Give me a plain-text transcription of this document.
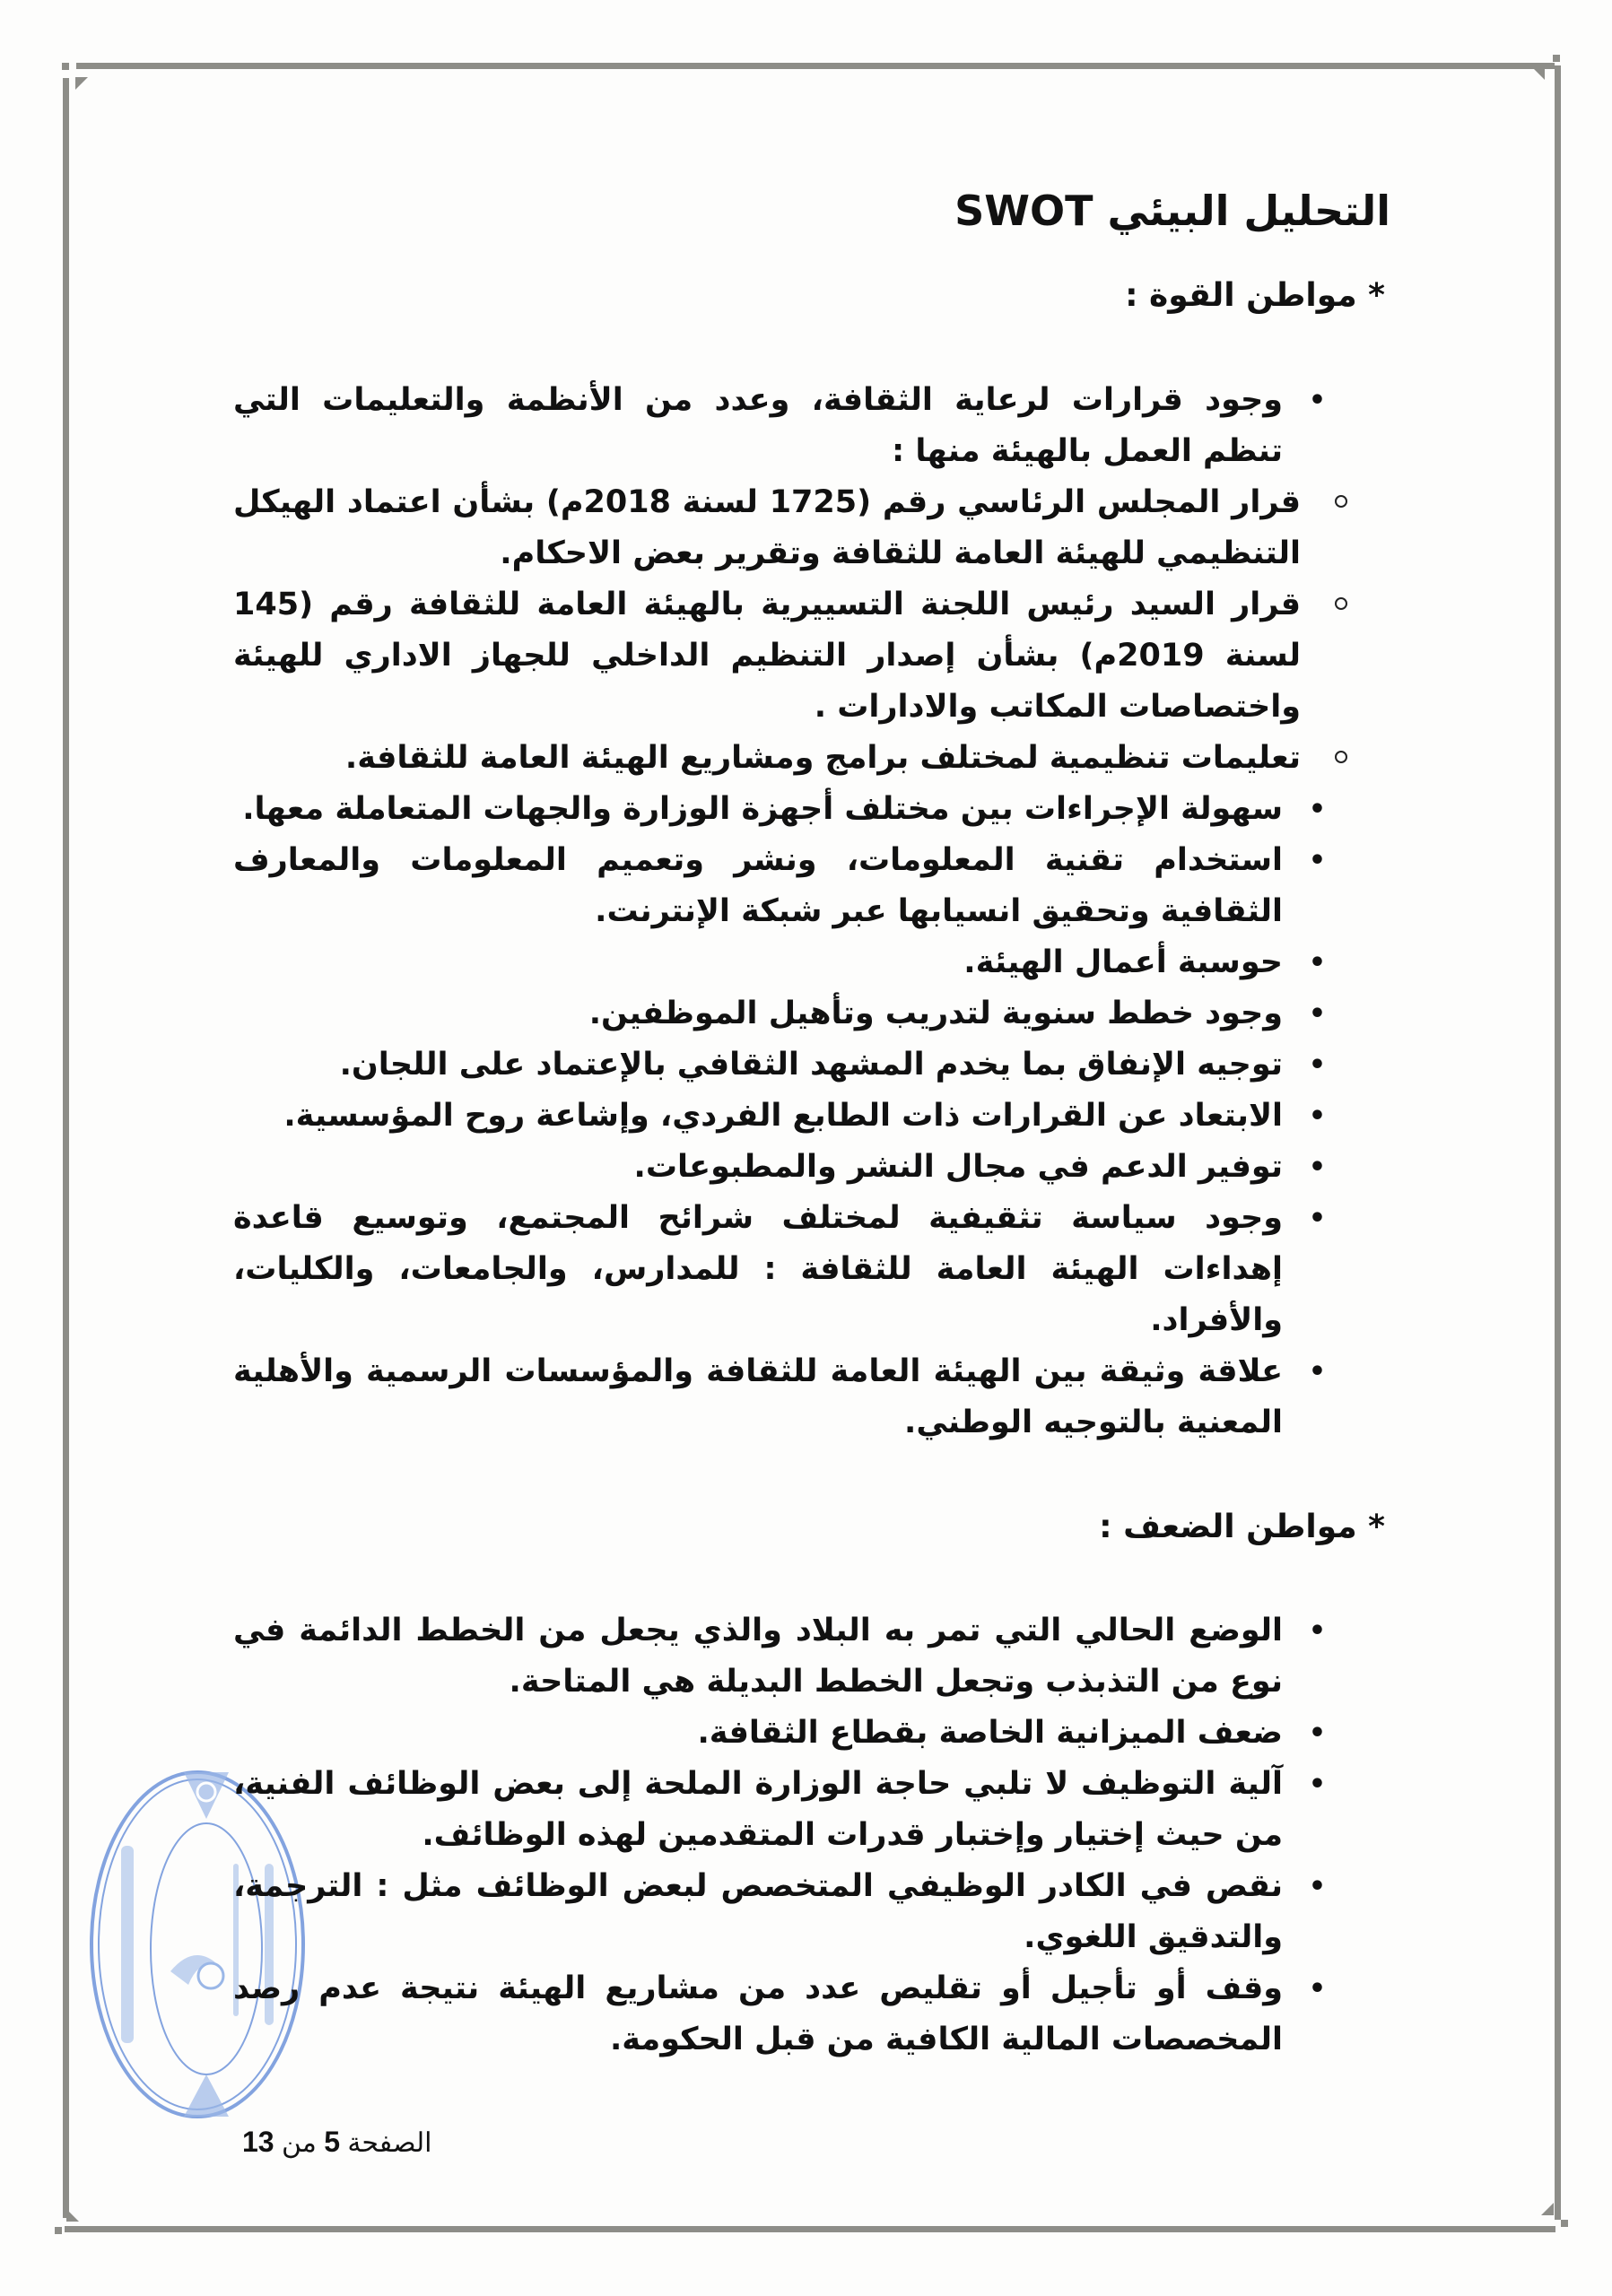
التحليل البيئي SWOT
* مواطن القوة :
•
وجود قرارات لرعاية الثقافة، وعدد من الأنظمة والتعليمات التي تنظم العمل بالهيئة منها :
قرار المجلس الرئاسي رقم (1725 لسنة 2018م) بشأن اعتماد الهيكل التنظيمي للهيئة العامة للثقافة وتقرير بعض الاحكام.
قرار السيد رئيس اللجنة التسييرية بالهيئة العامة للثقافة رقم (145 لسنة 2019م) بشأن إصدار التنظيم الداخلي للجهاز الاداري للهيئة واختصاصات المكاتب والادارات .
تعليمات تنظيمية لمختلف برامج ومشاريع الهيئة العامة للثقافة.
•
سهولة الإجراءات بين مختلف أجهزة الوزارة والجهات المتعاملة معها.
•
استخدام تقنية المعلومات، ونشر وتعميم المعلومات والمعارف الثقافية وتحقيق انسيابها عبر شبكة الإنترنت.
•
حوسبة أعمال الهيئة.
•
وجود خطط سنوية لتدريب وتأهيل الموظفين.
•
توجيه الإنفاق بما يخدم المشهد الثقافي بالإعتماد على اللجان.
•
الابتعاد عن القرارات ذات الطابع الفردي، وإشاعة روح المؤسسية.
•
توفير الدعم في مجال النشر والمطبوعات.
•
وجود سياسة تثقيفية لمختلف شرائح المجتمع، وتوسيع قاعدة إهداءات الهيئة العامة للثقافة : للمدارس، والجامعات، والكليات، والأفراد.
•
علاقة وثيقة بين الهيئة العامة للثقافة والمؤسسات الرسمية والأهلية المعنية بالتوجيه الوطني.
* مواطن الضعف :
•
الوضع الحالي التي تمر به البلاد والذي يجعل من الخطط الدائمة في نوع من التذبذب وتجعل الخطط البديلة هي المتاحة.
•
ضعف الميزانية الخاصة بقطاع الثقافة.
•
آلية التوظيف لا تلبي حاجة الوزارة الملحة إلى بعض الوظائف الفنية، من حيث إختيار وإختبار قدرات المتقدمين لهذه الوظائف.
•
نقص في الكادر الوظيفي المتخصص لبعض الوظائف مثل : الترجمة، والتدقيق اللغوي.
•
وقف أو تأجيل أو تقليص عدد من مشاريع الهيئة نتيجة عدم رصد المخصصات المالية الكافية من قبل الحكومة.
الصفحة 5 من 13
